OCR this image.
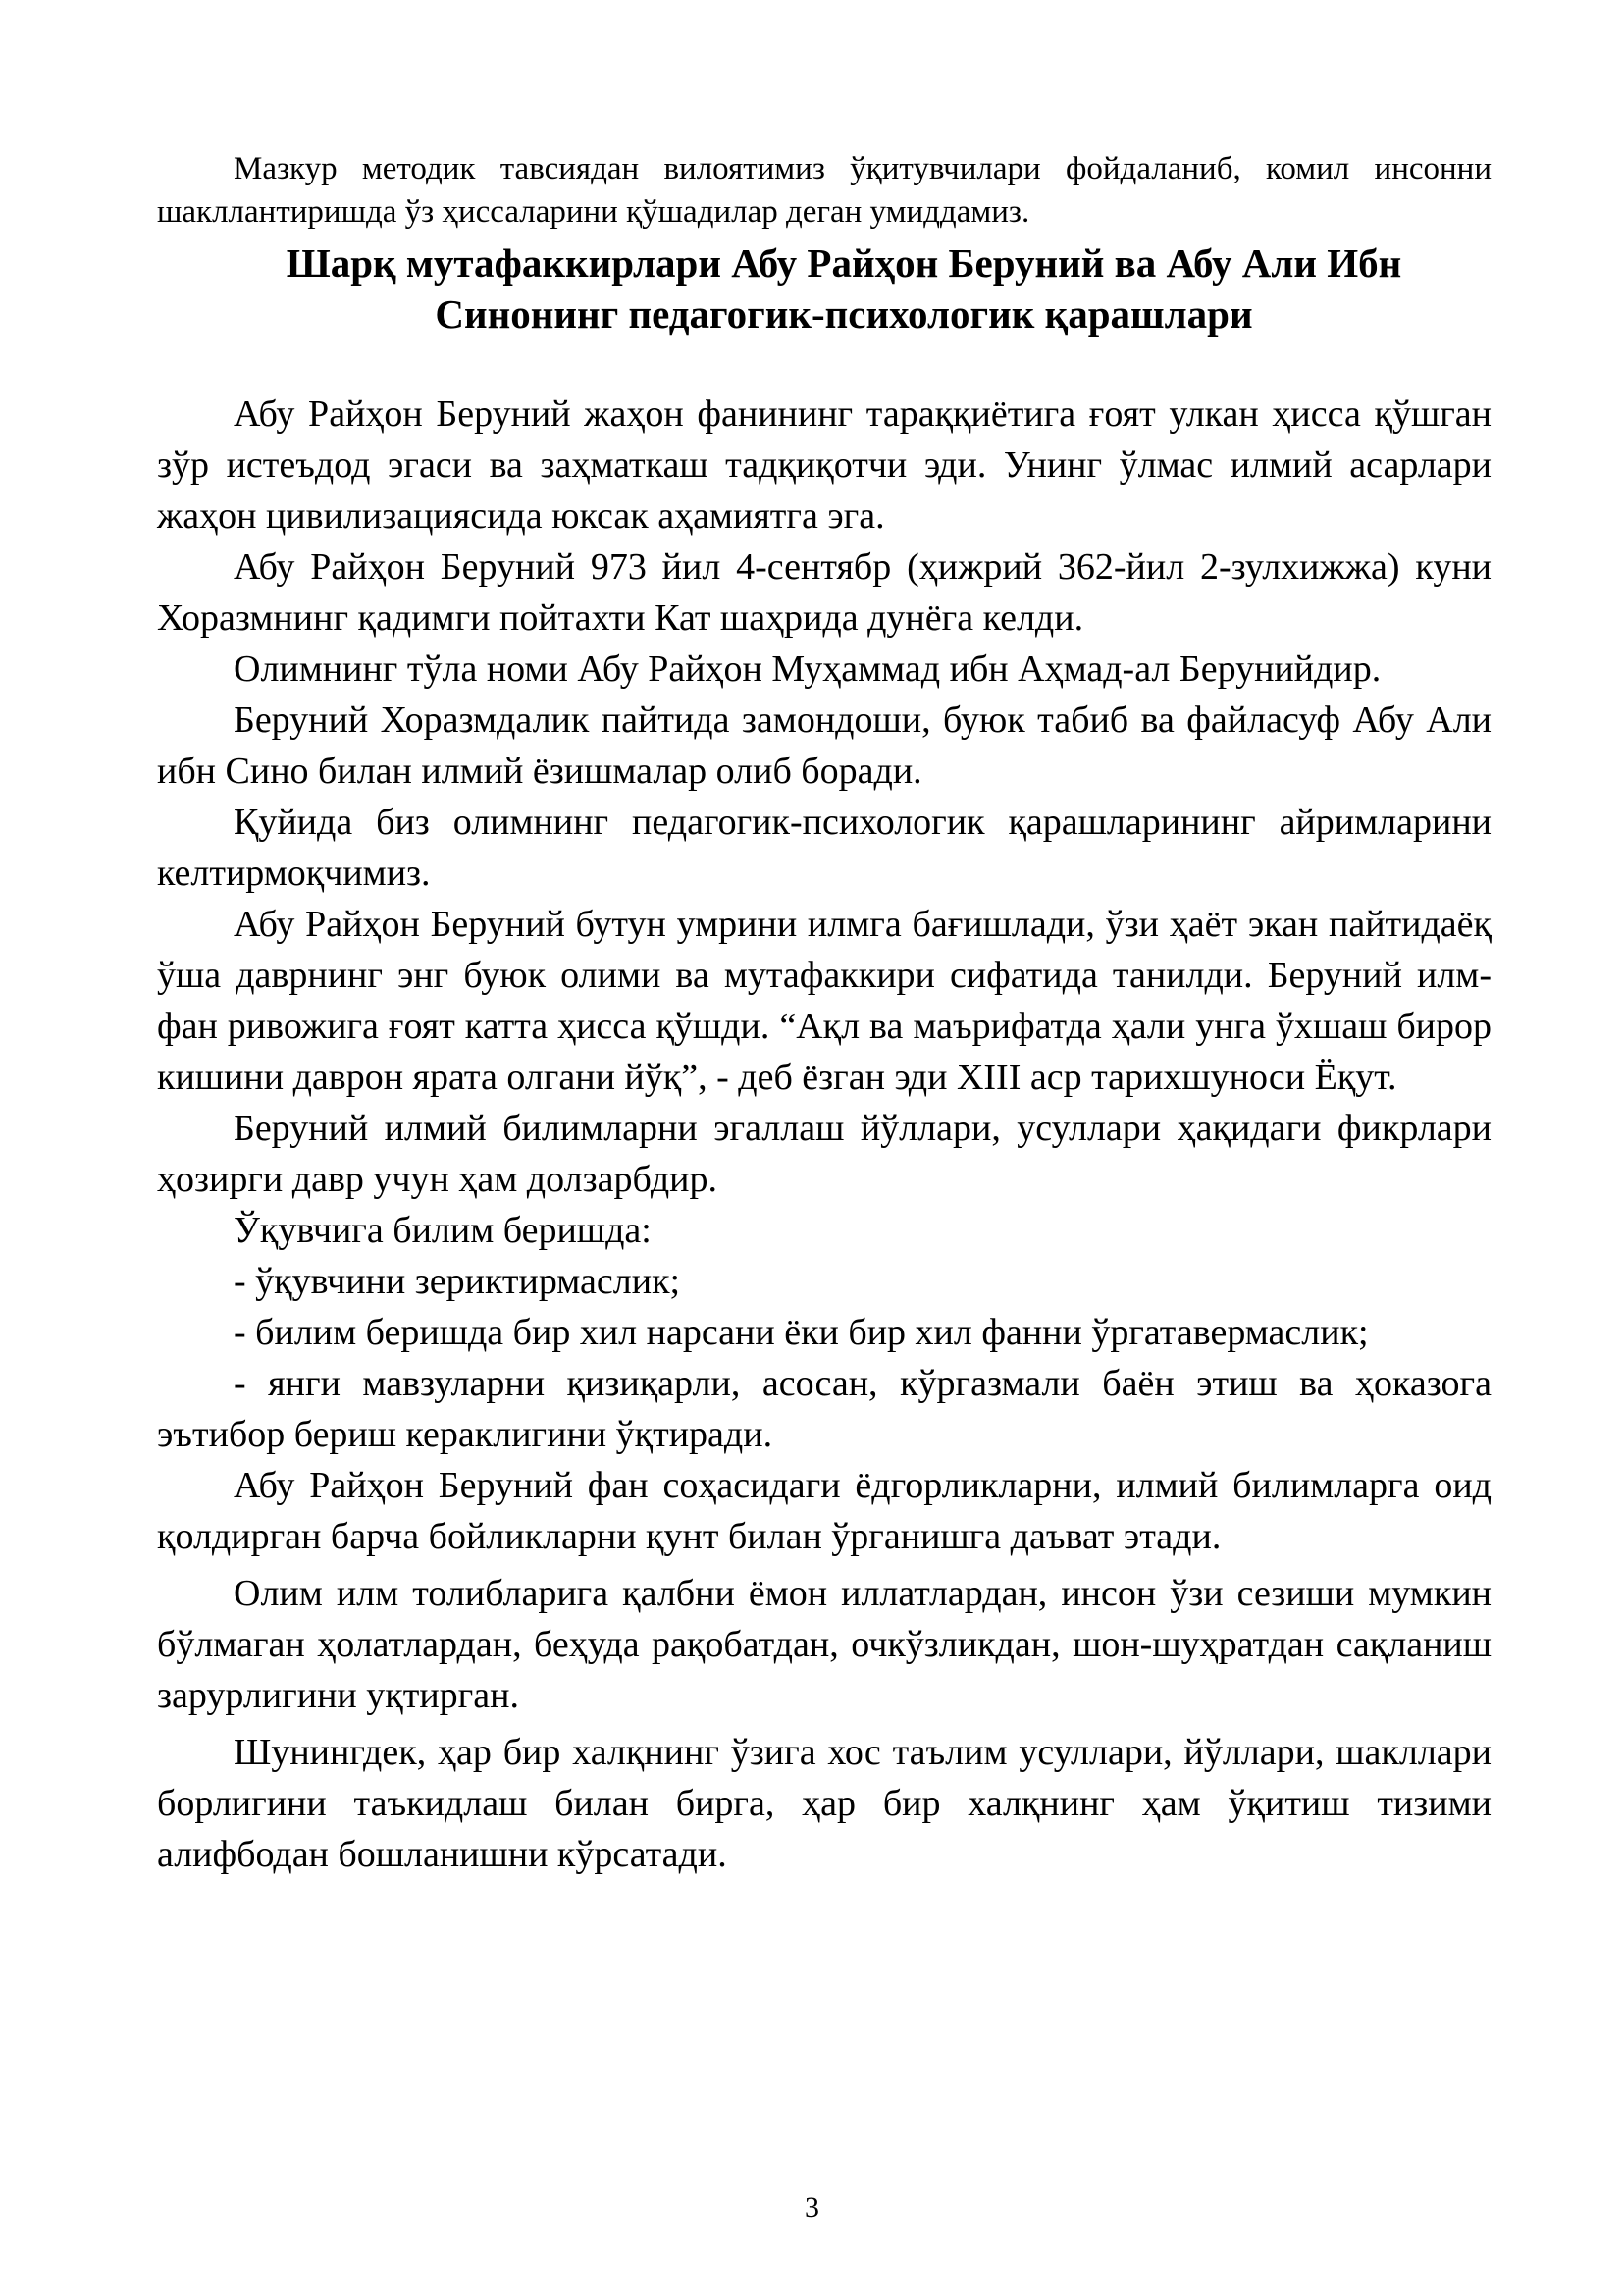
Мазкур методик тавсиядан вилоятимиз ўқитувчилари фойдаланиб, комил инсонни шакллантиришда ўз ҳиссаларини қўшадилар деган умиддамиз.

Шарқ мутафаккирлари Абу Райҳон Беруний ва Абу Али Ибн
Синонинг педагогик-психологик қарашлари

Абу Райҳон Беруний жаҳон фанининг тараққиётига ғоят улкан ҳисса қўшган зўр истеъдод эгаси ва заҳматкаш тадқиқотчи эди. Унинг ўлмас илмий асарлари жаҳон цивилизациясида юксак аҳамиятга эга.

Абу Райҳон Беруний 973 йил 4-сентябр (ҳижрий 362-йил 2-зулхижжа) куни Хоразмнинг қадимги пойтахти Кат шаҳрида дунёга келди.

Олимнинг тўла номи Абу Райҳон Муҳаммад ибн Аҳмад-ал Берунийдир.

Беруний Хоразмдалик пайтида замондоши, буюк табиб ва файласуф Абу Али ибн Сино билан илмий ёзишмалар олиб боради.

Қуйида биз олимнинг педагогик-психологик қарашларининг айримларини келтирмоқчимиз.

Абу Райҳон Беруний бутун умрини илмга бағишлади, ўзи ҳаёт экан пайтидаёқ ўша даврнинг энг буюк олими ва мутафаккири сифатида танилди. Беруний илм-фан ривожига ғоят катта ҳисса қўшди. “Ақл ва маърифатда ҳали унга ўхшаш бирор кишини даврон ярата олгани йўқ”, - деб ёзган эди XIII аср тарихшуноси Ёқут.

Беруний илмий билимларни эгаллаш йўллари, усуллари ҳақидаги фикрлари ҳозирги давр учун ҳам долзарбдир.

Ўқувчига билим беришда:

- ўқувчини зериктирмаслик;

- билим беришда бир хил нарсани ёки бир хил фанни ўргатавермаслик;

- янги мавзуларни қизиқарли, асосан, кўргазмали баён этиш ва ҳоказога эътибор бериш кераклигини ўқтиради.

Абу Райҳон Беруний фан соҳасидаги ёдгорликларни, илмий билимларга оид қолдирган барча бойликларни қунт билан ўрганишга даъват этади.

Олим илм толибларига қалбни ёмон иллатлардан, инсон ўзи сезиши мумкин бўлмаган ҳолатлардан, беҳуда рақобатдан, очкўзликдан, шон-шуҳратдан сақланиш зарурлигини уқтирган.

Шунингдек, ҳар бир халқнинг ўзига хос таълим усуллари, йўллари, шакллари борлигини таъкидлаш билан бирга, ҳар бир халқнинг ҳам ўқитиш тизими алифбодан бошланишни кўрсатади.

3
